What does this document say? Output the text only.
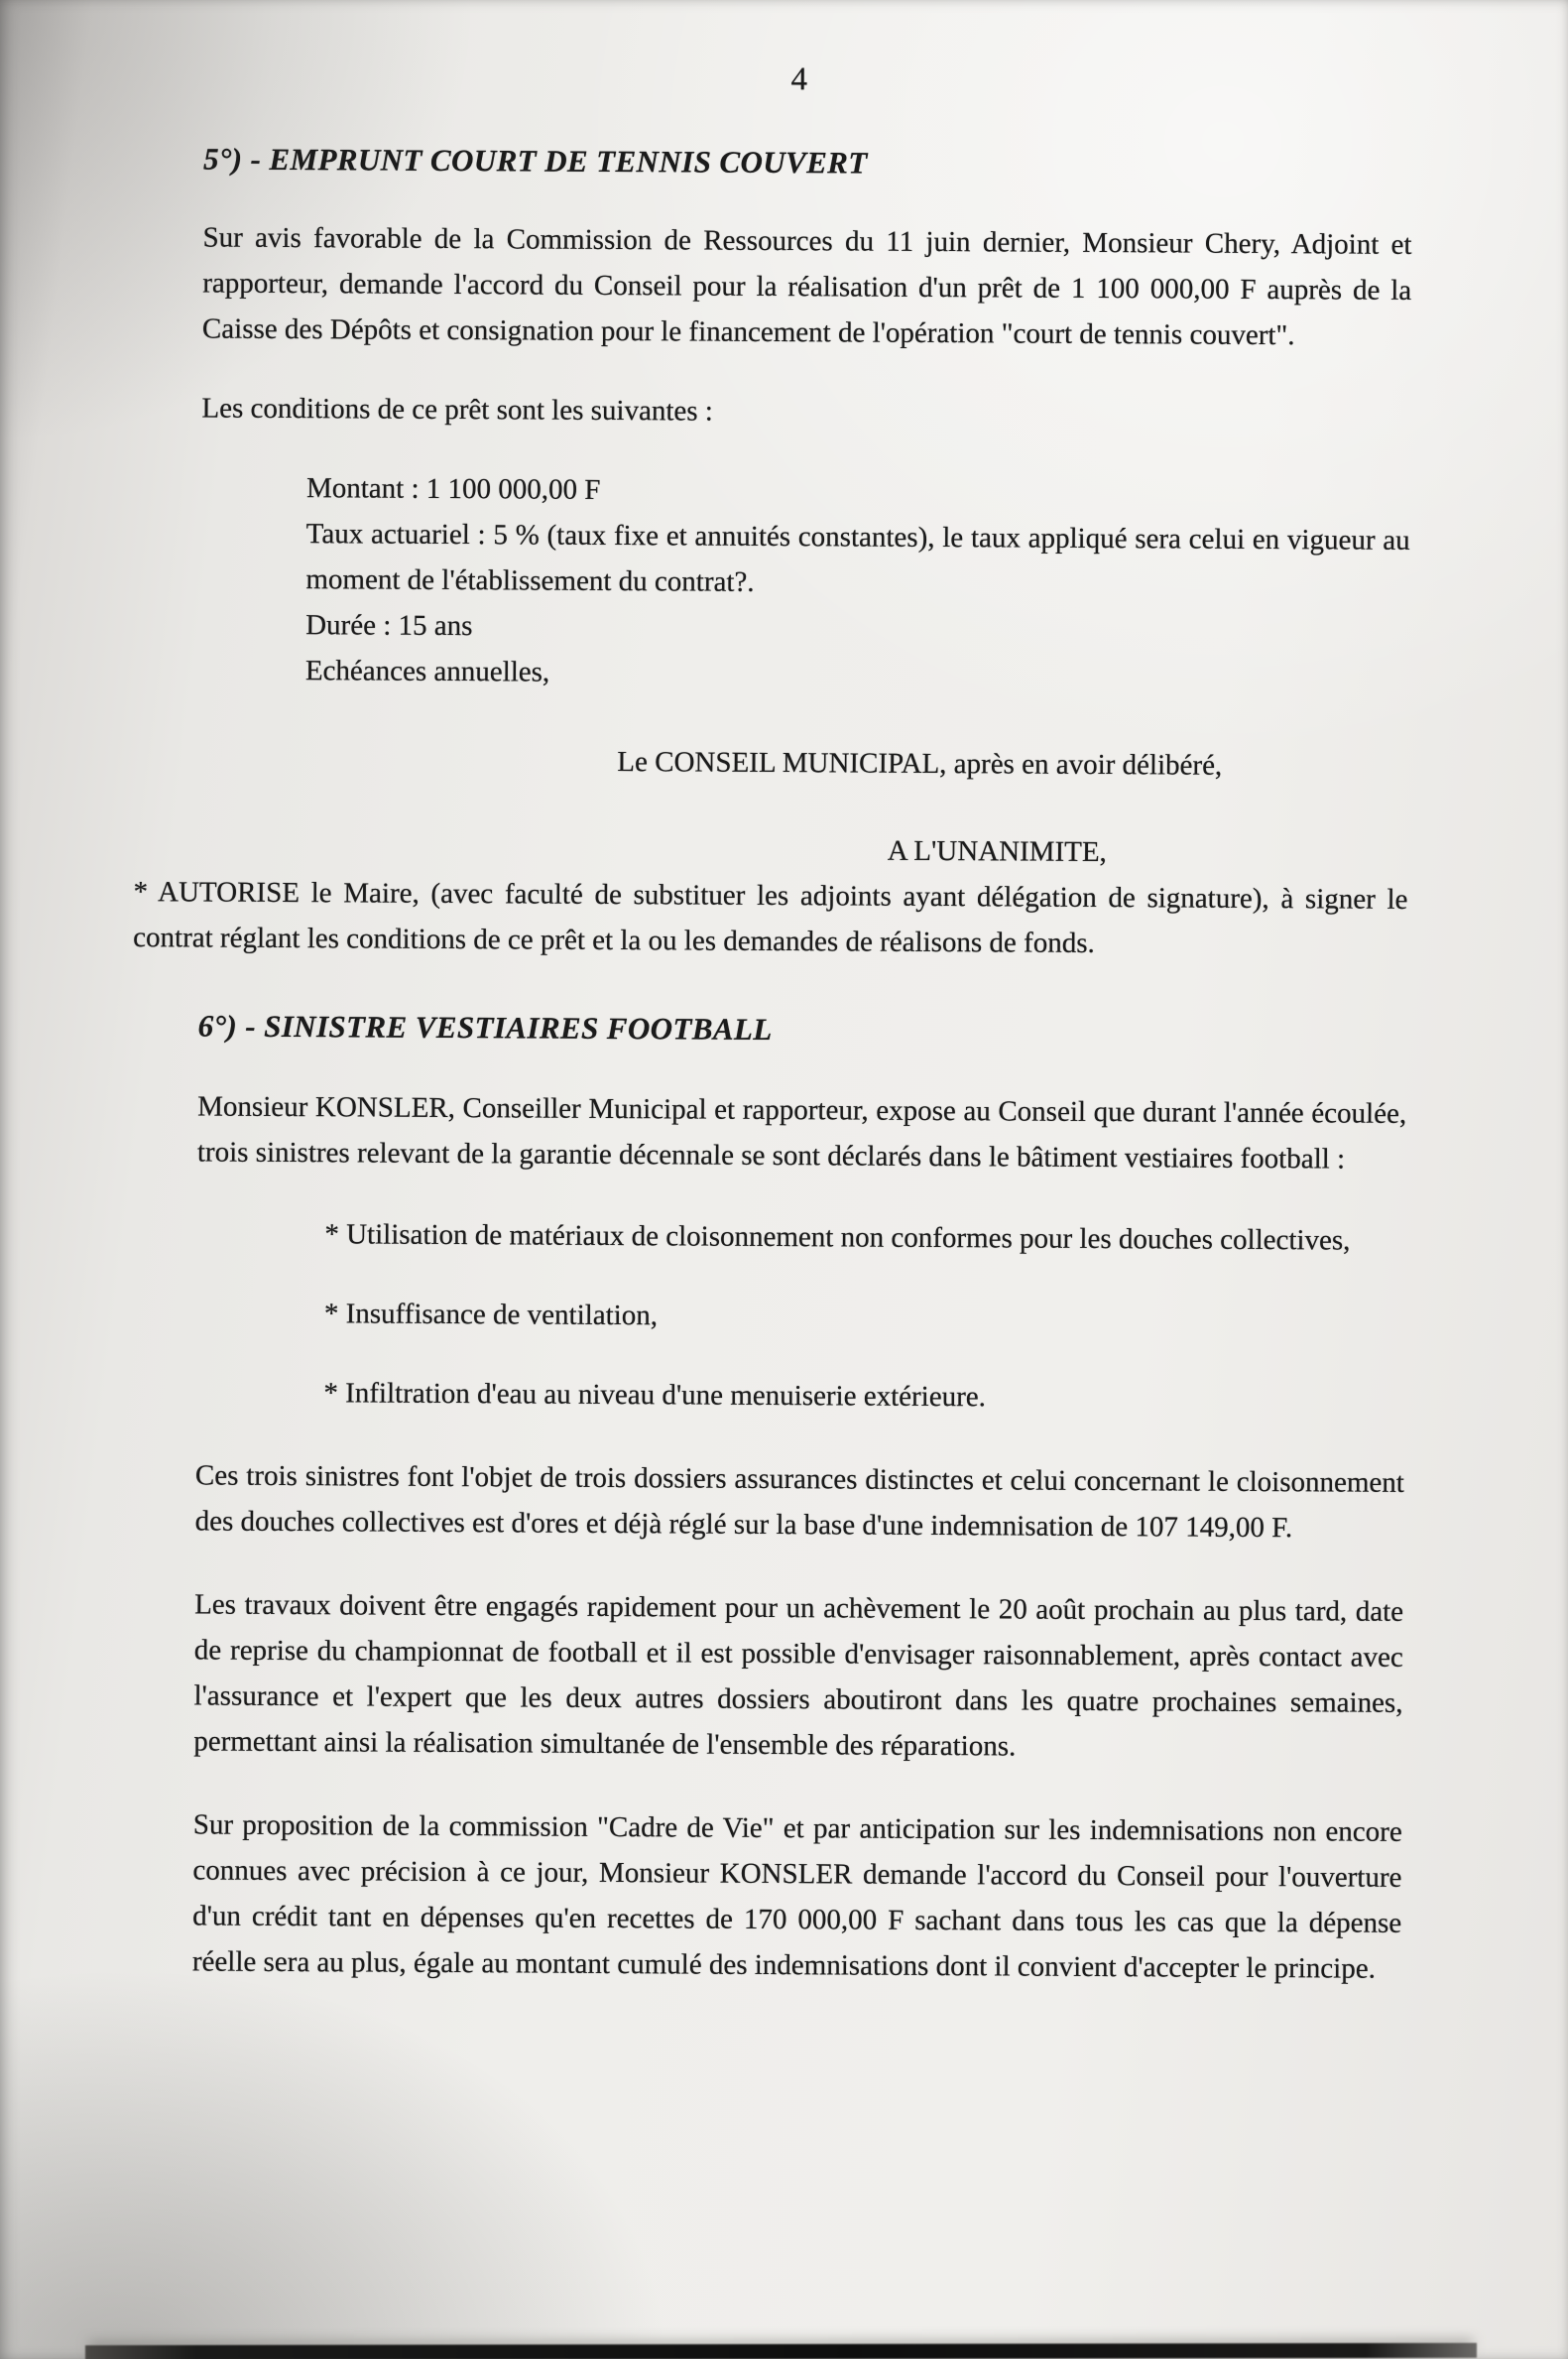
4

5°) - EMPRUNT COURT DE TENNIS COUVERT

Sur avis favorable de la Commission de Ressources du 11 juin dernier, Monsieur Chery, Adjoint et rapporteur, demande l'accord du Conseil pour la réalisation d'un prêt de 1 100 000,00 F auprès de la Caisse des Dépôts et consignation pour le financement de l'opération "court de tennis couvert".

Les conditions de ce prêt sont les suivantes :

Montant : 1 100 000,00 F

Taux actuariel : 5 % (taux fixe et annuités constantes), le taux appliqué sera celui en vigueur au moment de l'établissement du contrat?.

Durée : 15 ans

Echéances annuelles,

Le CONSEIL MUNICIPAL, après en avoir délibéré,

A L'UNANIMITE,

* AUTORISE le Maire, (avec faculté de substituer les adjoints ayant délégation de signature), à signer le contrat réglant les conditions de ce prêt et la ou les demandes de réalisons de fonds.

6°) - SINISTRE VESTIAIRES FOOTBALL

Monsieur KONSLER, Conseiller Municipal et rapporteur, expose au Conseil que durant l'année écoulée, trois sinistres relevant de la garantie décennale se sont déclarés dans le bâtiment vestiaires football :

* Utilisation de matériaux de cloisonnement non conformes pour les douches collectives,

* Insuffisance de ventilation,

* Infiltration d'eau au niveau d'une menuiserie extérieure.

Ces trois sinistres font l'objet de trois dossiers assurances distinctes et celui concernant le cloisonnement des douches collectives est d'ores et déjà réglé sur la base d'une indemnisation de 107 149,00 F.

Les travaux doivent être engagés rapidement pour un achèvement le 20 août prochain au plus tard, date de reprise du championnat de football et il est possible d'envisager raisonnablement, après contact avec l'assurance et l'expert que les deux autres dossiers aboutiront dans les quatre prochaines semaines, permettant ainsi la réalisation simultanée de l'ensemble des réparations.

Sur proposition de la commission "Cadre de Vie" et par anticipation sur les indemnisations non encore connues avec précision à ce jour, Monsieur KONSLER demande l'accord du Conseil pour l'ouverture d'un crédit tant en dépenses qu'en recettes de 170 000,00 F sachant dans tous les cas que la dépense réelle sera au plus, égale au montant cumulé des indemnisations dont il convient d'accepter le principe.
